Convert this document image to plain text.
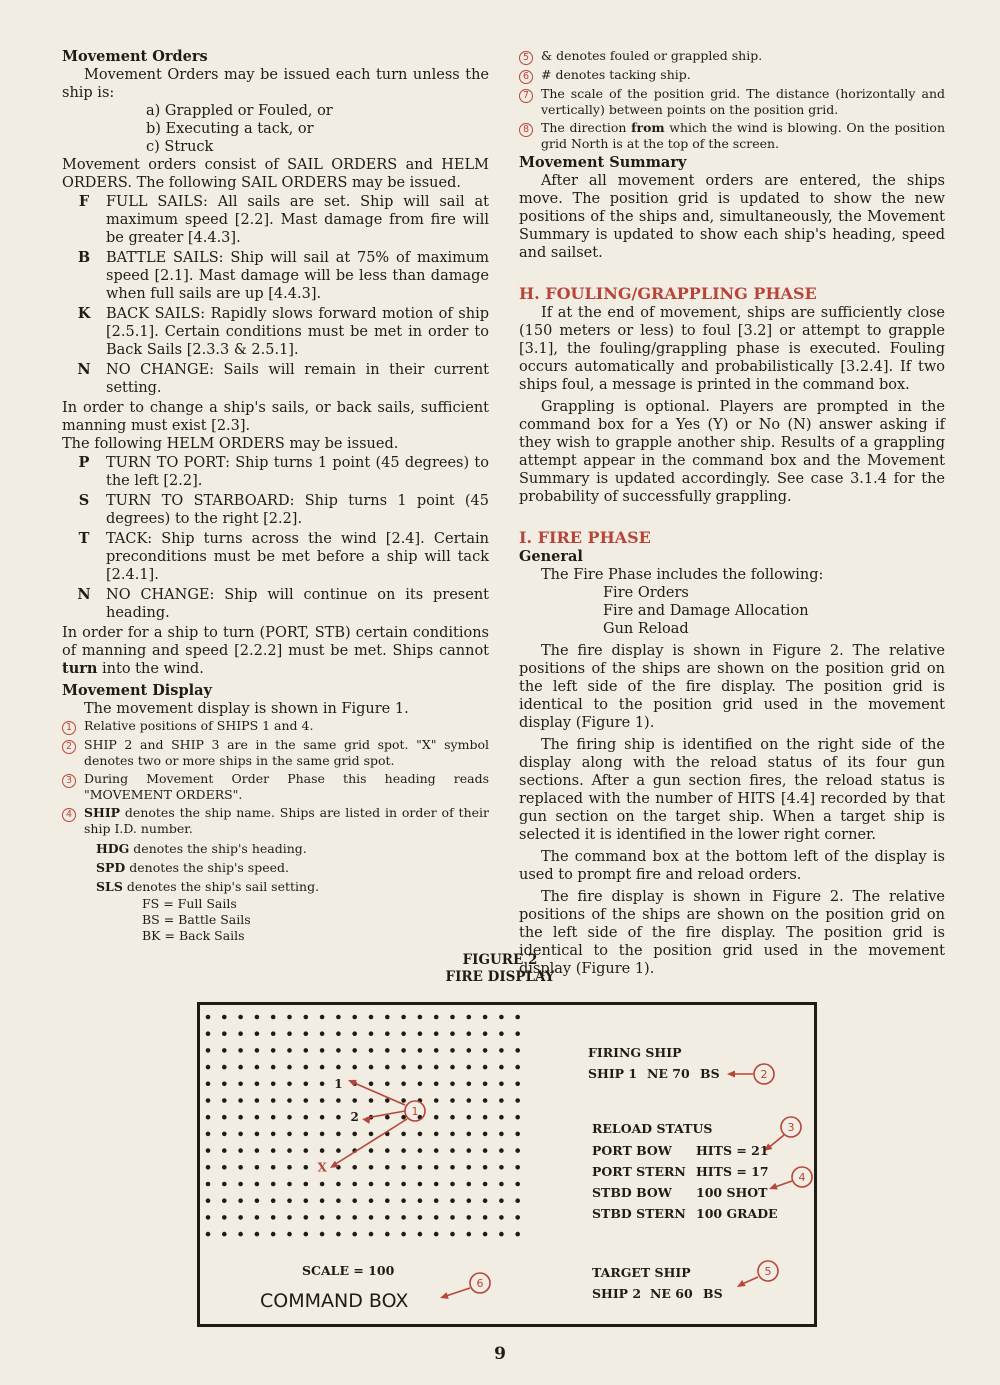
Movement Orders

Movement Orders may be issued each turn unless the ship is:

a) Grappled or Fouled, or

b) Executing a tack, or

c) Struck

Movement orders consist of SAIL ORDERS and HELM ORDERS. The following SAIL ORDERS may be issued.

F	FULL SAILS: All sails are set. Ship will sail at maximum speed [2.2]. Mast damage from fire will be greater [4.4.3].
B	BATTLE SAILS: Ship will sail at 75% of maximum speed [2.1]. Mast damage will be less than damage when full sails are up [4.4.3].
K	BACK SAILS: Rapidly slows forward motion of ship [2.5.1]. Certain conditions must be met in order to Back Sails [2.3.3 & 2.5.1].
N	NO CHANGE: Sails will remain in their current setting.

In order to change a ship's sails, or back sails, sufficient manning must exist [2.3].

The following HELM ORDERS may be issued.

P	TURN TO PORT: Ship turns 1 point (45 degrees) to the left [2.2].
S	TURN TO STARBOARD: Ship turns 1 point (45 degrees) to the right [2.2].
T	TACK: Ship turns across the wind [2.4]. Certain preconditions must be met before a ship will tack [2.4.1].
N	NO CHANGE: Ship will continue on its present heading.

In order for a ship to turn (PORT, STB) certain conditions of manning and speed [2.2.2] must be met. Ships cannot turn into the wind.

Movement Display

The movement display is shown in Figure 1.

1 Relative positions of SHIPS 1 and 4.
2 SHIP 2 and SHIP 3 are in the same grid spot. "X" symbol denotes two or more ships in the same grid spot.
3 During Movement Order Phase this heading reads "MOVEMENT ORDERS".
4 SHIP denotes the ship name. Ships are listed in order of their ship I.D. number.

HDG denotes the ship's heading.

SPD denotes the ship's speed.

SLS denotes the ship's sail setting.

FS = Full Sails

BS = Battle Sails

BK = Back Sails

5 & denotes fouled or grappled ship.
6 # denotes tacking ship.
7 The scale of the position grid. The distance (horizontally and vertically) between points on the position grid.
8 The direction from which the wind is blowing. On the position grid North is at the top of the screen.

Movement Summary

After all movement orders are entered, the ships move. The position grid is updated to show the new positions of the ships and, simultaneously, the Movement Summary is updated to show each ship's heading, speed and sailset.

H. FOULING/GRAPPLING PHASE

If at the end of movement, ships are sufficiently close (150 meters or less) to foul [3.2] or attempt to grapple [3.1], the fouling/grappling phase is executed. Fouling occurs automatically and probabilistically [3.2.4]. If two ships foul, a message is printed in the command box.

Grappling is optional. Players are prompted in the command box for a Yes (Y) or No (N) answer asking if they wish to grapple another ship. Results of a grappling attempt appear in the command box and the Movement Summary is updated accordingly. See case 3.1.4 for the probability of successfully grappling.

I. FIRE PHASE

General

The Fire Phase includes the following:

Fire Orders

Fire and Damage Allocation

Gun Reload

The fire display is shown in Figure 2. The relative positions of the ships are shown on the position grid on the left side of the fire display. The position grid is identical to the position grid used in the movement display (Figure 1).

The firing ship is identified on the right side of the display along with the reload status of its four gun sections. After a gun section fires, the reload status is replaced with the number of HITS [4.4] recorded by that gun section on the target ship. When a target ship is selected it is identified in the lower right corner.

The command box at the bottom left of the display is used to prompt fire and reload orders.

The fire display is shown in Figure 2. The relative positions of the ships are shown on the position grid on the left side of the fire display. The position grid is identical to the position grid used in the movement display (Figure 1).

FIGURE 2
FIRE DISPLAY
1
2
X
1
2
3
4
5
6
FIRING SHIP
SHIP 1 NE 70 BS
RELOAD STATUS
PORT BOW HITS = 21
PORT STERN HITS = 17
STBD BOW 100 SHOT
STBD STERN 100 GRADE
SCALE = 100
COMMAND BOX
TARGET SHIP
SHIP 2 NE 60 BS
9
